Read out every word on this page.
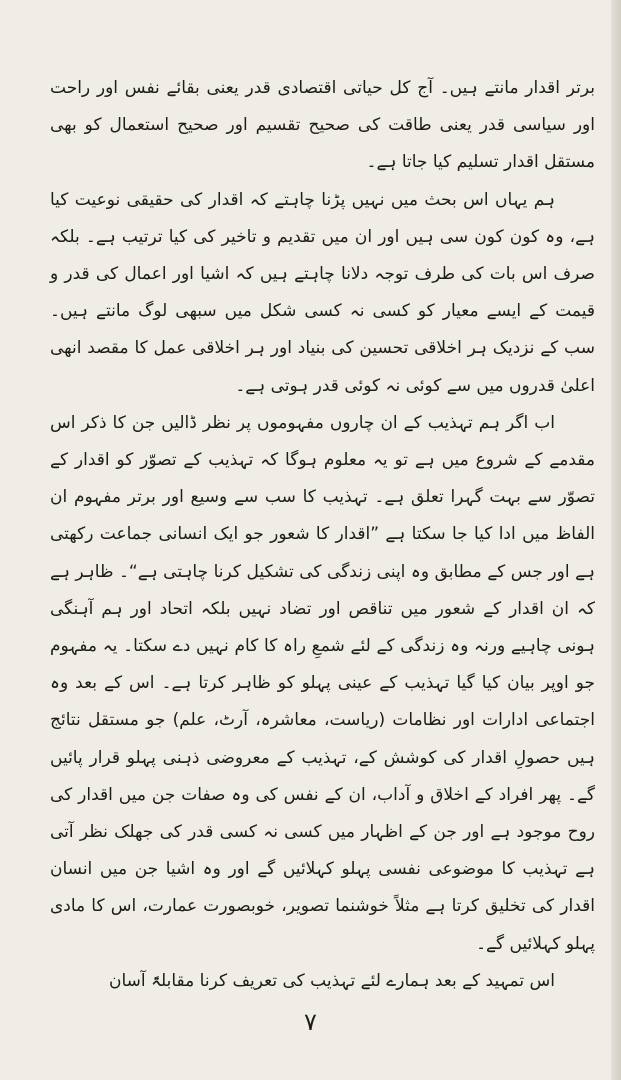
برتر اقدار مانتے ہیں۔ آج کل حیاتی اقتصادی قدر یعنی بقائے نفس اور راحت اور سیاسی قدر یعنی طاقت کی صحیح تقسیم اور صحیح استعمال کو بھی مستقل اقدار تسلیم کیا جاتا ہے۔

ہم یہاں اس بحث میں نہیں پڑنا چاہتے کہ اقدار کی حقیقی نوعیت کیا ہے، وہ کون کون سی ہیں اور ان میں تقدیم و تاخیر کی کیا ترتیب ہے۔ بلکہ صرف اس بات کی طرف توجہ دلانا چاہتے ہیں کہ اشیا اور اعمال کی قدر و قیمت کے ایسے معیار کو کسی نہ کسی شکل میں سبھی لوگ مانتے ہیں۔ سب کے نزدیک ہر اخلاقی تحسین کی بنیاد اور ہر اخلاقی عمل کا مقصد انھی اعلیٰ قدروں میں سے کوئی نہ کوئی قدر ہوتی ہے۔

اب اگر ہم تہذیب کے ان چاروں مفہوموں پر نظر ڈالیں جن کا ذکر اس مقدمے کے شروع میں ہے تو یہ معلوم ہوگا کہ تہذیب کے تصوّر کو اقدار کے تصوّر سے بہت گہرا تعلق ہے۔ تہذیب کا سب سے وسیع اور برتر مفہوم ان الفاظ میں ادا کیا جا سکتا ہے ”اقدار کا شعور جو ایک انسانی جماعت رکھتی ہے اور جس کے مطابق وہ اپنی زندگی کی تشکیل کرنا چاہتی ہے“۔ ظاہر ہے کہ ان اقدار کے شعور میں تناقص اور تضاد نہیں بلکہ اتحاد اور ہم آہنگی ہونی چاہیے ورنہ وہ زندگی کے لئے شمعِ راہ کا کام نہیں دے سکتا۔ یہ مفہوم جو اوپر بیان کیا گیا تہذیب کے عینی پہلو کو ظاہر کرتا ہے۔ اس کے بعد وہ اجتماعی ادارات اور نظامات (ریاست، معاشرہ، آرٹ، علم) جو مستقل نتائج ہیں حصولِ اقدار کی کوشش کے، تہذیب کے معروضی ذہنی پہلو قرار پائیں گے۔ پھر افراد کے اخلاق و آداب، ان کے نفس کی وہ صفات جن میں اقدار کی روح موجود ہے اور جن کے اظہار میں کسی نہ کسی قدر کی جھلک نظر آتی ہے تہذیب کا موضوعی نفسی پہلو کہلائیں گے اور وہ اشیا جن میں انسان اقدار کی تخلیق کرتا ہے مثلاً خوشنما تصویر، خوبصورت عمارت، اس کا مادی پہلو کہلائیں گے۔

اس تمہید کے بعد ہمارے لئے تہذیب کی تعریف کرنا مقابلۃً آسان

۷
